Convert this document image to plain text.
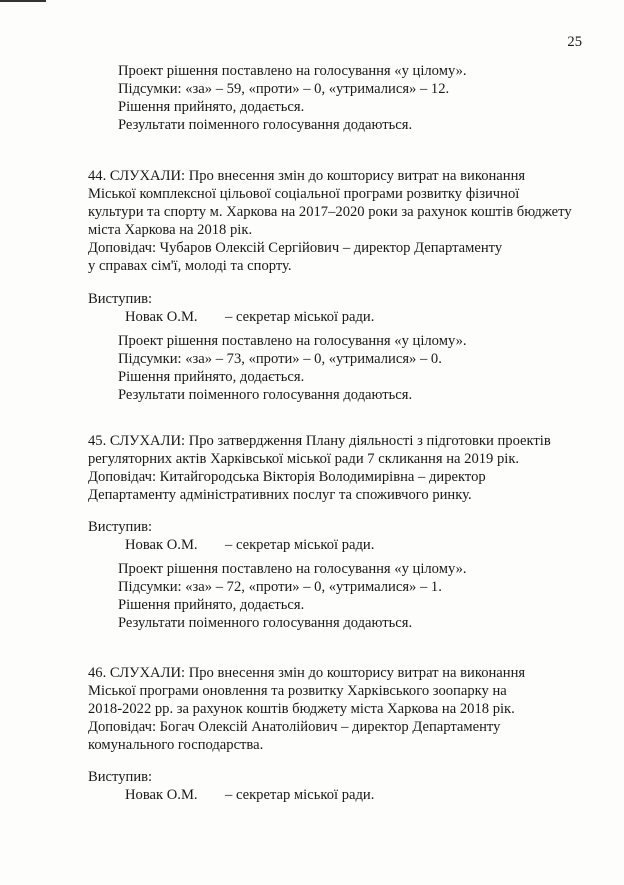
25
Проект рішення поставлено на голосування «у цілому».
Підсумки: «за» – 59, «проти» – 0, «утрималися» – 12.
Рішення прийнято, додається.
Результати поіменного голосування додаються.
44. СЛУХАЛИ: Про внесення змін до кошторису витрат на виконання
Міської комплексної цільової соціальної програми розвитку фізичної
культури та спорту м. Харкова на 2017–2020 роки за рахунок коштів бюджету
міста Харкова на 2018 рік.
Доповідач: Чубаров Олексій Сергійович – директор Департаменту
у справах сім'ї, молоді та спорту.
Виступив:
Новак О.М.	– секретар міської ради.
Проект рішення поставлено на голосування «у цілому».
Підсумки: «за» – 73, «проти» – 0, «утрималися» – 0.
Рішення прийнято, додається.
Результати поіменного голосування додаються.
45. СЛУХАЛИ: Про затвердження Плану діяльності з підготовки проектів
регуляторних актів Харківської міської ради 7 скликання на 2019 рік.
Доповідач: Китайгородська Вікторія Володимирівна – директор
Департаменту адміністративних послуг та споживчого ринку.
Виступив:
Новак О.М.	– секретар міської ради.
Проект рішення поставлено на голосування «у цілому».
Підсумки: «за» – 72, «проти» – 0, «утрималися» – 1.
Рішення прийнято, додається.
Результати поіменного голосування додаються.
46. СЛУХАЛИ: Про внесення змін до кошторису витрат на виконання
Міської програми оновлення та розвитку Харківського зоопарку на
2018-2022 рр. за рахунок коштів бюджету міста Харкова на 2018 рік.
Доповідач: Богач Олексій Анатолійович – директор Департаменту
комунального господарства.
Виступив:
Новак О.М.	– секретар міської ради.
